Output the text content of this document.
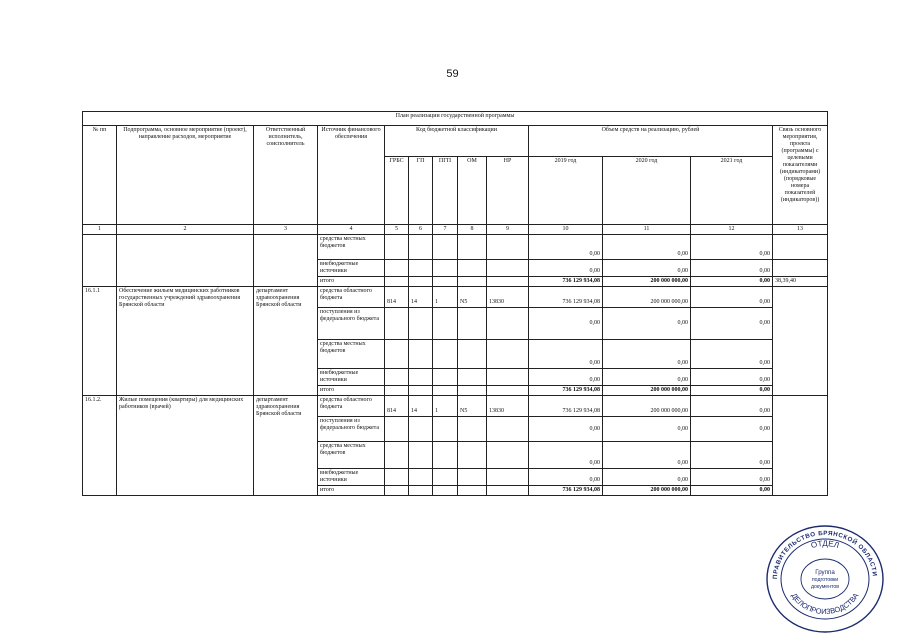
59
План реализации государственной программы												
№ пп	Подпрограмма, основное мероприятие (проект), направление расходов, мероприятие	Ответственный исполнитель, соисполнитель	Источник финансового обеспечения	Код бюджетной классификации					Объем средств на реализацию, рублей			Связь основного мероприятия, проекта (программы) с целевыми показателями (индикаторами) (порядковые номера показателей (индикаторов))
				ГРБС	ГП	ПГП	ОМ	НР	2019 год	2020 год	2021 год	
1	2	3	4	5	6	7	8	9	10	11	12	13
			средства местных бюджетов						0,00	0,00	0,00	
			внебюджетные источники						0,00	0,00	0,00	
			итого						736 129 934,08	200 000 000,00	0,00	38,39,40
16.1.1	Обеспечение жильем медицинских работников государственных учреждений здравоохранения Брянской области	департамент здравоохранения Брянской области	средства областного бюджета	814	14	1	N5	13830	736 129 934,08	200 000 000,00	0,00	
			поступления из федерального бюджета						0,00	0,00	0,00	
			средства местных бюджетов						0,00	0,00	0,00	
			внебюджетные источники						0,00	0,00	0,00	
			итого						736 129 934,08	200 000 000,00	0,00	
16.1.2.	Жилые помещения (квартиры) для медицинских работников (врачей)	департамент здравоохранения Брянской области	средства областного бюджета	814	14	1	N5	13830	736 129 934,08	200 000 000,00	0,00	
			поступления из федерального бюджета						0,00	0,00	0,00	
			средства местных бюджетов						0,00	0,00	0,00	
			внебюджетные источники						0,00	0,00	0,00	
			итого						736 129 934,08	200 000 000,00	0,00	
ПРАВИТЕЛЬСТВО БРЯНСКОЙ ОБЛАСТИ
ОТДЕЛ
ДЕЛОПРОИЗВОДСТВА
Группа
подготовки
документов
